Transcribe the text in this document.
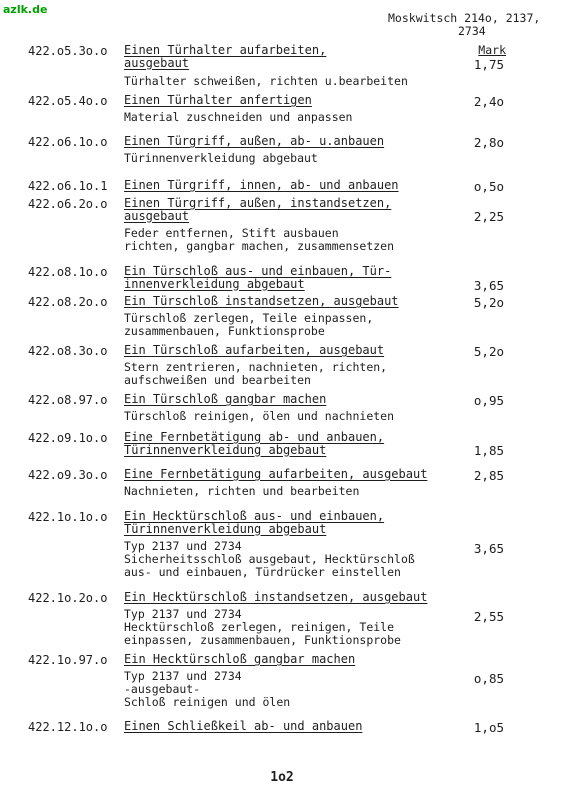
azlk.de
Moskwitsch 214o, 2137,
2734
Mark
422.o5.3o.o Einen Türhalter aufarbeiten,
ausgebaut
Türhalter schweißen, richten u.bearbeiten
1,75
422.o5.4o.o Einen Türhalter anfertigen
Material zuschneiden und anpassen
2,4o
422.o6.1o.o Einen Türgriff, außen, ab- u.anbauen
Türinnenverkleidung abgebaut
2,8o
422.o6.1o.1 Einen Türgriff, innen, ab- und anbauen	o,5o
422.o6.2o.o Einen Türgriff, außen, instandsetzen,
ausgebaut
Feder entfernen, Stift ausbauen
richten, gangbar machen, zusammensetzen
2,25
422.o8.1o.o Ein Türschloß aus- und einbauen, Tür-
innenverkleidung abgebaut	3,65
422.o8.2o.o Ein Türschloß instandsetzen, ausgebaut
Türschloß zerlegen, Teile einpassen,
zusammenbauen, Funktionsprobe
5,2o
422.o8.3o.o Ein Türschloß aufarbeiten, ausgebaut
Stern zentrieren, nachnieten, richten,
aufschweißen und bearbeiten
5,2o
422.o8.97.o Ein Türschloß gangbar machen
Türschloß reinigen, ölen und nachnieten
o,95
422.o9.1o.o Eine Fernbetätigung ab- und anbauen,
Türinnenverkleidung abgebaut	1,85
422.o9.3o.o Eine Fernbetätigung aufarbeiten, ausgebaut
Nachnieten, richten und bearbeiten
2,85
422.1o.1o.o Ein Hecktürschloß aus- und einbauen,
Türinnenverkleidung abgebaut
Typ 2137 und 2734
Sicherheitsschloß ausgebaut, Hecktürschloß
aus- und einbauen, Türdrücker einstellen
3,65
422.1o.2o.o Ein Hecktürschloß instandsetzen, ausgebaut
Typ 2137 und 2734
Hecktürschloß zerlegen, reinigen, Teile
einpassen, zusammenbauen, Funktionsprobe
2,55
422.1o.97.o Ein Hecktürschloß gangbar machen
Typ 2137 und 2734
-ausgebaut-
Schloß reinigen und ölen
o,85
422.12.1o.o Einen Schließkeil ab- und anbauen	1,o5
1o2
